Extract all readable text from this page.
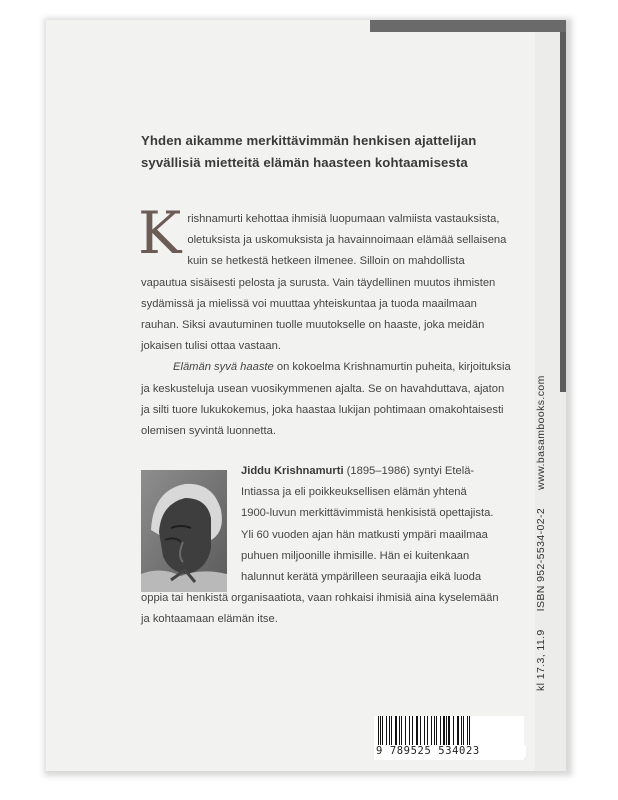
kl 17.3, 11.9
ISBN 952-5534-02-2
www.basambooks.com
Yhden aikamme merkittävimmän henkisen ajattelijan
syvällisiä mietteitä elämän haasteen kohtaamisesta

Krishnamurti kehottaa ihmisiä luopumaan valmiista vastauksista, oletuksista ja uskomuksista ja havainnoimaan elämää sellaisena kuin se hetkestä hetkeen ilmenee. Silloin on mahdollista vapautua sisäisesti pelosta ja surusta. Vain täydellinen muutos ihmisten sydämissä ja mielissä voi muuttaa yhteiskuntaa ja tuoda maailmaan rauhan. Siksi avautuminen tuolle muutokselle on haaste, joka meidän jokaisen tulisi ottaa vastaan.

Elämän syvä haaste on kokoelma Krishnamurtin puheita, kirjoituksia ja keskusteluja usean vuosikymmenen ajalta. Se on havahduttava, ajaton ja silti tuore lukukokemus, joka haastaa lukijan pohtimaan omakohtaisesti olemisen syvintä luonnetta.

Jiddu Krishnamurti (1895–1986) syntyi Etelä-
Intiassa ja eli poikkeuksellisen elämän yhtenä
1900-luvun merkittävimmistä henkisistä opettajista.
Yli 60 vuoden ajan hän matkusti ympäri maailmaa
puhuen miljoonille ihmisille. Hän ei kuitenkaan
halunnut kerätä ympärilleen seuraajia eikä luoda
oppia tai henkistä organisaatiota, vaan rohkaisi ihmisiä aina kyselemään
ja kohtaamaan elämän itse.
9 789525 534023
